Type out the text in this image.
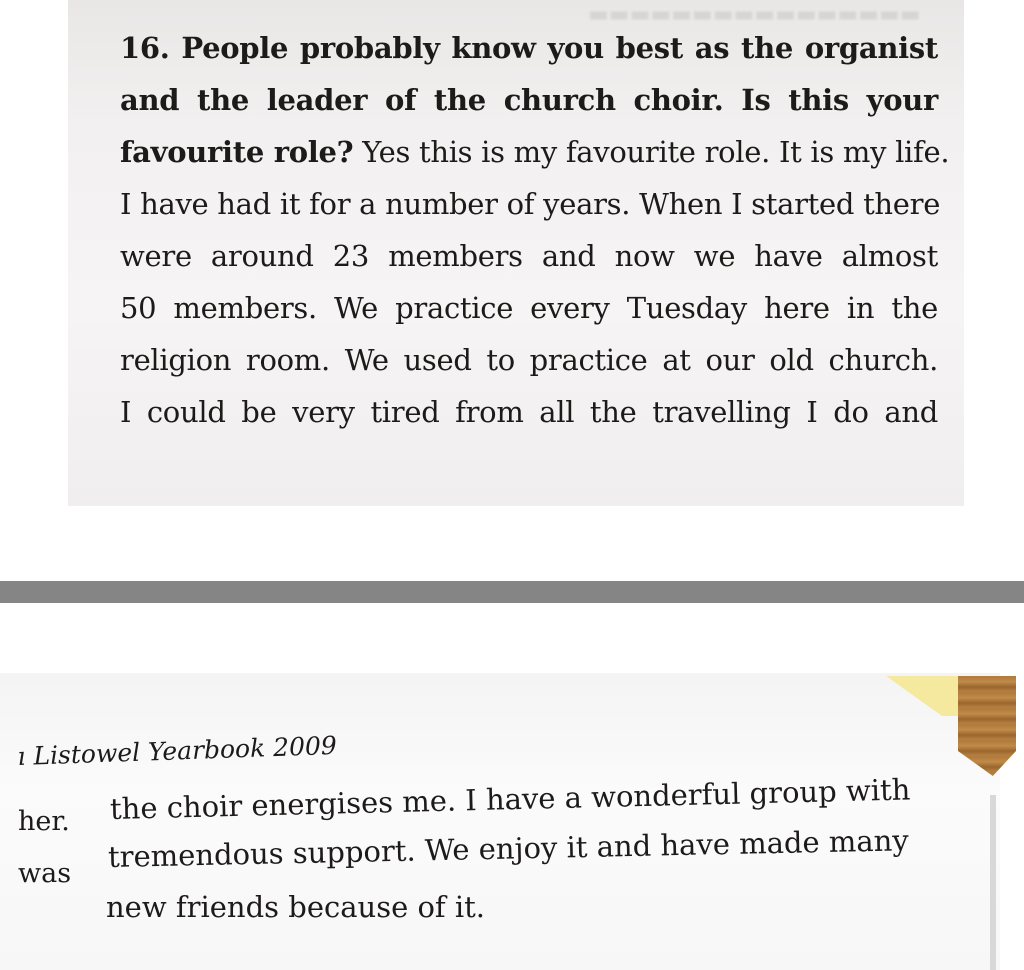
▬▬▬▬▬▬▬▬▬▬▬▬▬▬▬▬
16. People probably know you best as the organist
and the leader of the church choir. Is this your
favourite role? Yes this is my favourite role. It is my life.
I have had it for a number of years. When I started there
were around 23 members and now we have almost
50 members. We practice every Tuesday here in the
religion room. We used to practice at our old church.
I could be very tired from all the travelling I do and
ı Listowel Yearbook 2009
her.
was
the choir energises me. I have a wonderful group with
tremendous support. We enjoy it and have made many
new friends because of it.
